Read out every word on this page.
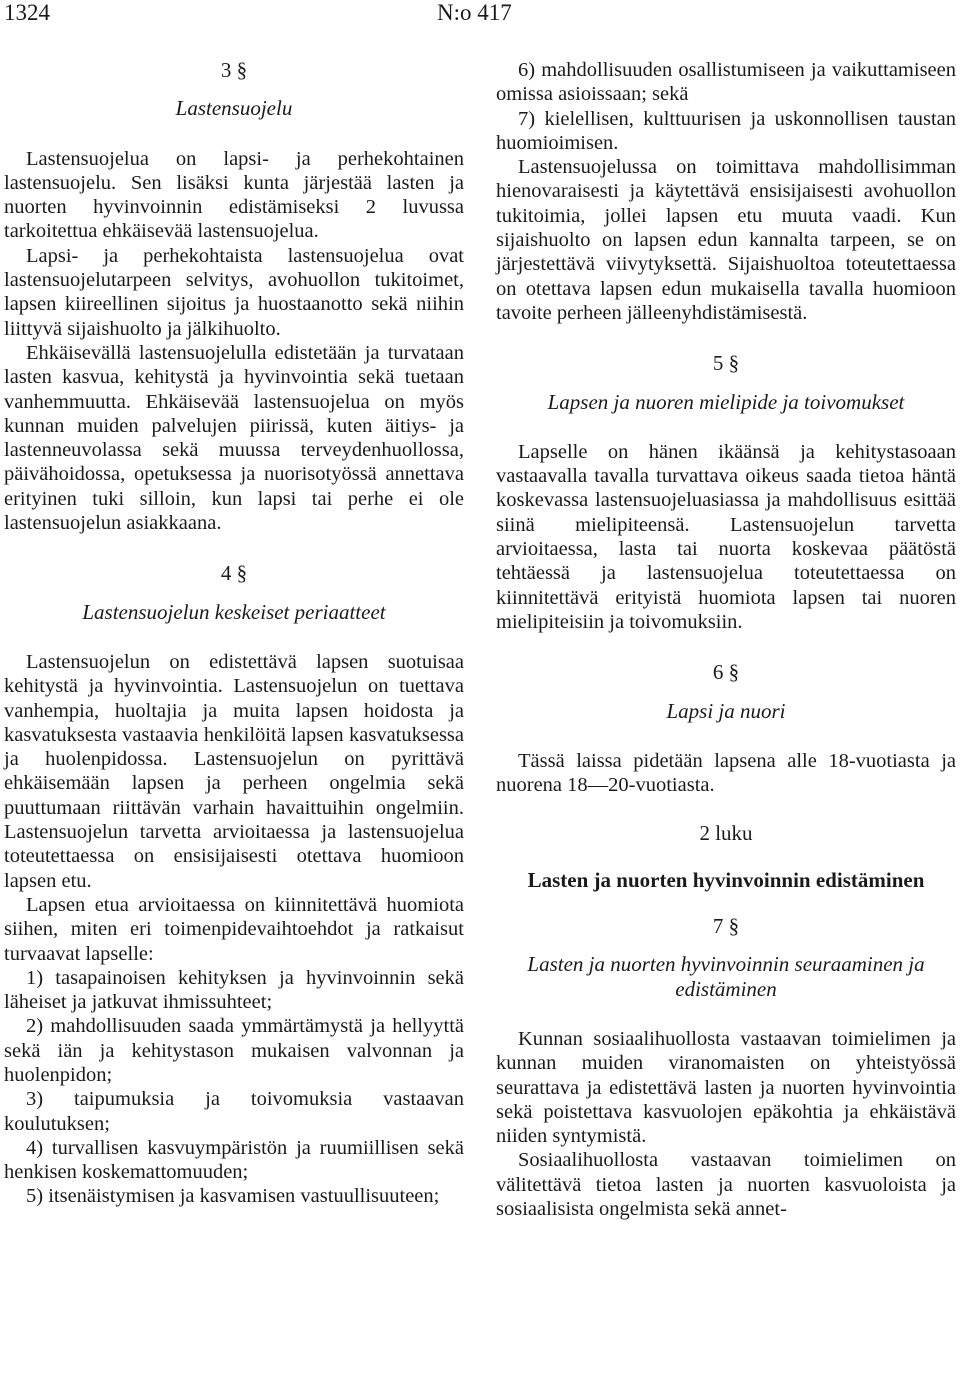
1324	N:o 417
3 §
Lastensuojelu

Lastensuojelua on lapsi- ja perhekohtainen lastensuojelu. Sen lisäksi kunta järjestää lasten ja nuorten hyvinvoinnin edistämiseksi 2 luvussa tarkoitettua ehkäisevää lastensuojelua.

Lapsi- ja perhekohtaista lastensuojelua ovat lastensuojelutarpeen selvitys, avohuollon tukitoimet, lapsen kiireellinen sijoitus ja huostaanotto sekä niihin liittyvä sijaishuolto ja jälkihuolto.

Ehkäisevällä lastensuojelulla edistetään ja turvataan lasten kasvua, kehitystä ja hyvinvointia sekä tuetaan vanhemmuutta. Ehkäisevää lastensuojelua on myös kunnan muiden palvelujen piirissä, kuten äitiys- ja lastenneuvolassa sekä muussa terveydenhuollossa, päivähoidossa, opetuksessa ja nuorisotyössä annettava erityinen tuki silloin, kun lapsi tai perhe ei ole lastensuojelun asiakkaana.

4 §
Lastensuojelun keskeiset periaatteet

Lastensuojelun on edistettävä lapsen suotuisaa kehitystä ja hyvinvointia. Lastensuojelun on tuettava vanhempia, huoltajia ja muita lapsen hoidosta ja kasvatuksesta vastaavia henkilöitä lapsen kasvatuksessa ja huolenpidossa. Lastensuojelun on pyrittävä ehkäisemään lapsen ja perheen ongelmia sekä puuttumaan riittävän varhain havaittuihin ongelmiin. Lastensuojelun tarvetta arvioitaessa ja lastensuojelua toteutettaessa on ensisijaisesti otettava huomioon lapsen etu.

Lapsen etua arvioitaessa on kiinnitettävä huomiota siihen, miten eri toimenpidevaihtoehdot ja ratkaisut turvaavat lapselle:

1) tasapainoisen kehityksen ja hyvinvoinnin sekä läheiset ja jatkuvat ihmissuhteet;

2) mahdollisuuden saada ymmärtämystä ja hellyyttä sekä iän ja kehitystason mukaisen valvonnan ja huolenpidon;

3) taipumuksia ja toivomuksia vastaavan koulutuksen;

4) turvallisen kasvuympäristön ja ruumiillisen sekä henkisen koskemattomuuden;

5) itsenäistymisen ja kasvamisen vastuullisuuteen;

6) mahdollisuuden osallistumiseen ja vaikuttamiseen omissa asioissaan; sekä

7) kielellisen, kulttuurisen ja uskonnollisen taustan huomioimisen.

Lastensuojelussa on toimittava mahdollisimman hienovaraisesti ja käytettävä ensisijaisesti avohuollon tukitoimia, jollei lapsen etu muuta vaadi. Kun sijaishuolto on lapsen edun kannalta tarpeen, se on järjestettävä viivytyksettä. Sijaishuoltoa toteutettaessa on otettava lapsen edun mukaisella tavalla huomioon tavoite perheen jälleenyhdistämisestä.

5 §
Lapsen ja nuoren mielipide ja toivomukset

Lapselle on hänen ikäänsä ja kehitystasoaan vastaavalla tavalla turvattava oikeus saada tietoa häntä koskevassa lastensuojeluasiassa ja mahdollisuus esittää siinä mielipiteensä. Lastensuojelun tarvetta arvioitaessa, lasta tai nuorta koskevaa päätöstä tehtäessä ja lastensuojelua toteutettaessa on kiinnitettävä erityistä huomiota lapsen tai nuoren mielipiteisiin ja toivomuksiin.

6 §
Lapsi ja nuori

Tässä laissa pidetään lapsena alle 18-vuotiasta ja nuorena 18—20-vuotiasta.

2 luku
Lasten ja nuorten hyvinvoinnin edistäminen
7 §
Lasten ja nuorten hyvinvoinnin seuraaminen ja edistäminen

Kunnan sosiaalihuollosta vastaavan toimielimen ja kunnan muiden viranomaisten on yhteistyössä seurattava ja edistettävä lasten ja nuorten hyvinvointia sekä poistettava kasvuolojen epäkohtia ja ehkäistävä niiden syntymistä.

Sosiaalihuollosta vastaavan toimielimen on välitettävä tietoa lasten ja nuorten kasvuoloista ja sosiaalisista ongelmista sekä annet-
